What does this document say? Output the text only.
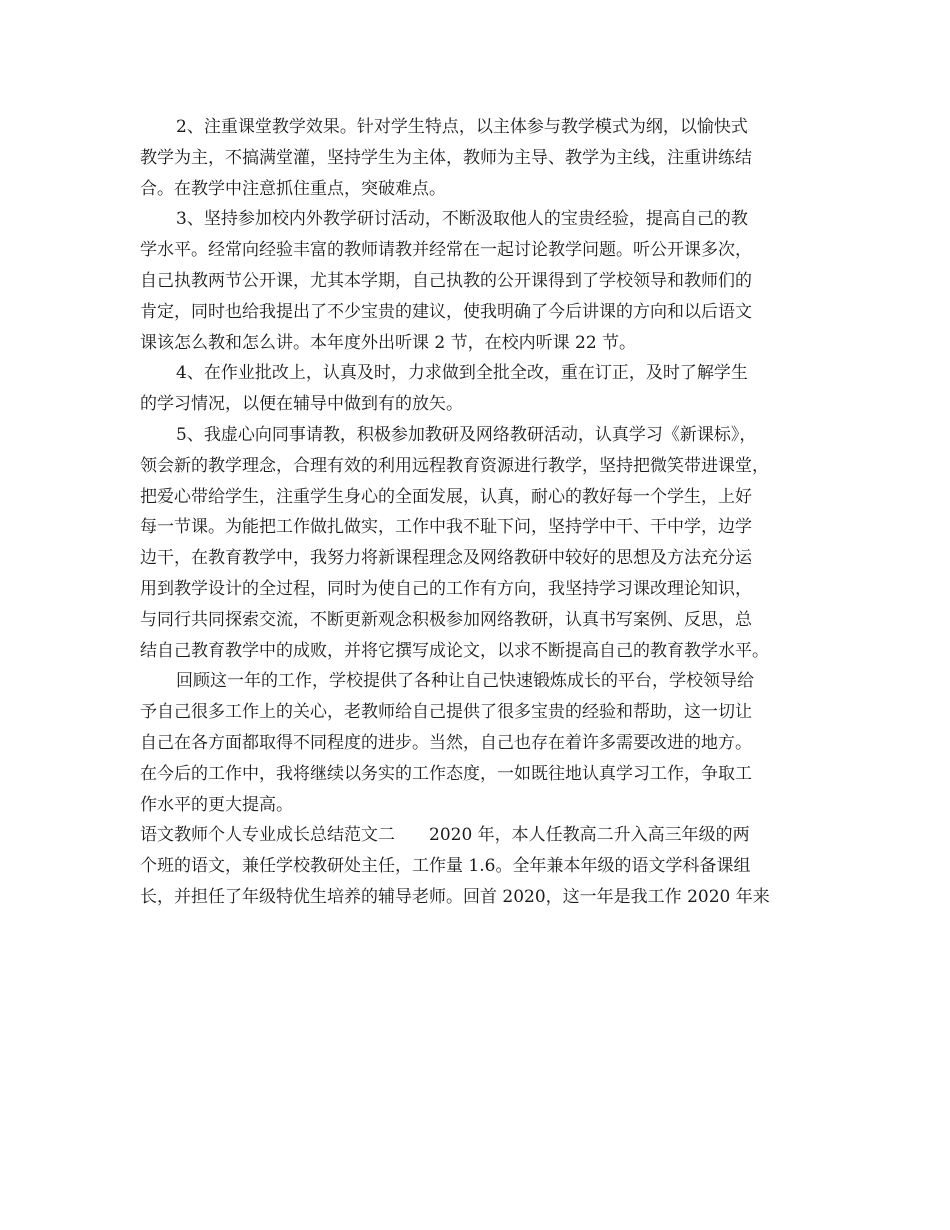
2、注重课堂教学效果。针对学生特点，以主体参与教学模式为纲，以愉快式
教学为主，不搞满堂灌，坚持学生为主体，教师为主导、教学为主线，注重讲练结
合。在教学中注意抓住重点，突破难点。
3、坚持参加校内外教学研讨活动，不断汲取他人的宝贵经验，提高自己的教
学水平。经常向经验丰富的教师请教并经常在一起讨论教学问题。听公开课多次，
自己执教两节公开课，尤其本学期，自己执教的公开课得到了学校领导和教师们的
肯定，同时也给我提出了不少宝贵的建议，使我明确了今后讲课的方向和以后语文
课该怎么教和怎么讲。本年度外出听课 2 节，在校内听课 22 节。
4、在作业批改上，认真及时，力求做到全批全改，重在订正，及时了解学生
的学习情况，以便在辅导中做到有的放矢。
5、我虚心向同事请教，积极参加教研及网络教研活动，认真学习《新课标》，
领会新的教学理念，合理有效的利用远程教育资源进行教学，坚持把微笑带进课堂，
把爱心带给学生，注重学生身心的全面发展，认真，耐心的教好每一个学生，上好
每一节课。为能把工作做扎做实，工作中我不耻下问，坚持学中干、干中学，边学
边干，在教育教学中，我努力将新课程理念及网络教研中较好的思想及方法充分运
用到教学设计的全过程，同时为使自己的工作有方向，我坚持学习课改理论知识，
与同行共同探索交流，不断更新观念积极参加网络教研，认真书写案例、反思，总
结自己教育教学中的成败，并将它撰写成论文，以求不断提高自己的教育教学水平。
回顾这一年的工作，学校提供了各种让自己快速锻炼成长的平台，学校领导给
予自己很多工作上的关心，老教师给自己提供了很多宝贵的经验和帮助，这一切让
自己在各方面都取得不同程度的进步。当然，自己也存在着许多需要改进的地方。
在今后的工作中，我将继续以务实的工作态度，一如既往地认真学习工作，争取工
作水平的更大提高。
语文教师个人专业成长总结范文二　　2020 年，本人任教高二升入高三年级的两
个班的语文，兼任学校教研处主任，工作量 1.6。全年兼本年级的语文学科备课组
长，并担任了年级特优生培养的辅导老师。回首 2020，这一年是我工作 2020 年来
